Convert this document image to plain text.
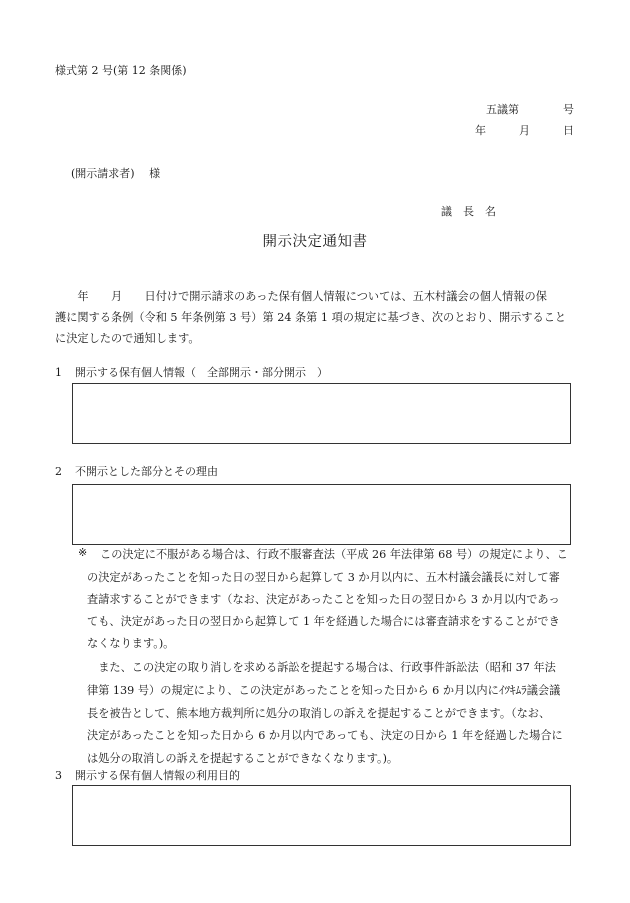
様式第 2 号(第 12 条関係)
五議第　　　　号
年　　　月　　　日
(開示請求者)　 様
議　長　名
開示決定通知書
　　年　　月　　日付けで開示請求のあった保有個人情報については、五木村議会の個人情報の保
護に関する条例（令和 5 年条例第 3 号）第 24 条第 1 項の規定に基づき、次のとおり、開示すること
に決定したので通知します。
1 開示する保有個人情報（　全部開示・部分開示　）
2 不開示とした部分とその理由
※ この決定に不服がある場合は、行政不服審査法（平成 26 年法律第 68 号）の規定により、こ
の決定があったことを知った日の翌日から起算して 3 か月以内に、五木村議会議長に対して審
査請求することができます（なお、決定があったことを知った日の翌日から 3 か月以内であっ
ても、決定があった日の翌日から起算して 1 年を経過した場合には審査請求をすることができ
なくなります。)。
　また、この決定の取り消しを求める訴訟を提起する場合は、行政事件訴訟法（昭和 37 年法
律第 139 号）の規定により、この決定があったことを知った日から 6 か月以内にｲﾂｷﾑﾗ議会議
長を被告として、熊本地方裁判所に処分の取消しの訴えを提起することができます。（なお、
決定があったことを知った日から 6 か月以内であっても、決定の日から 1 年を経過した場合に
は処分の取消しの訴えを提起することができなくなります。)。
3 開示する保有個人情報の利用目的
